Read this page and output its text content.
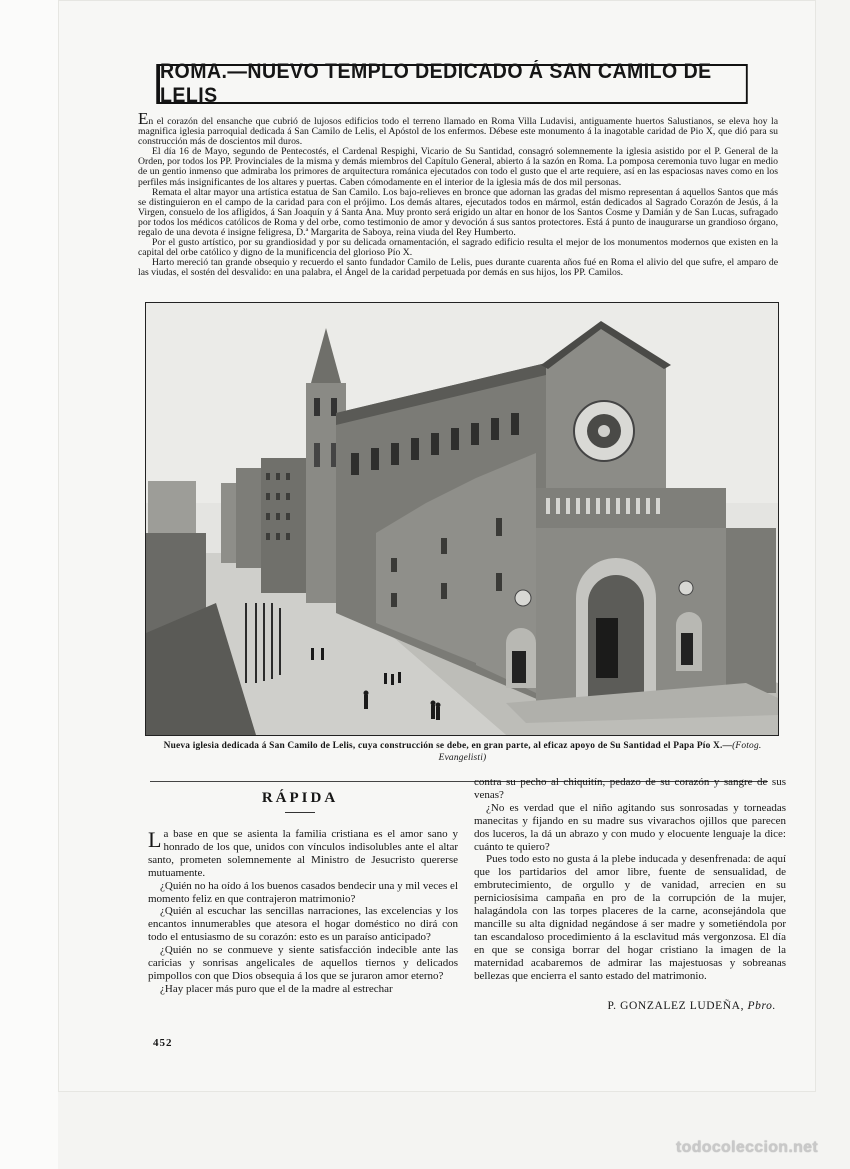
ROMA.—NUEVO TEMPLO DEDICADO Á SAN CAMILO DE LELIS

En el corazón del ensanche que cubrió de lujosos edificios todo el terreno llamado en Roma Villa Ludavisi, antiguamente huertos Salustianos, se eleva hoy la magnifica iglesia parroquial dedicada á San Camilo de Lelis, el Apóstol de los enfermos. Débese este monumento á la inagotable caridad de Pio X, que dió para su construcción más de doscientos mil duros.

El día 16 de Mayo, segundo de Pentecostés, el Cardenal Respighi, Vicario de Su Santidad, consagró solemnemente la iglesia asistido por el P. General de la Orden, por todos los PP. Provinciales de la misma y demás miembros del Capítulo General, abierto á la sazón en Roma. La pomposa ceremonia tuvo lugar en medio de un gentio inmenso que admiraba los primores de arquitectura románica ejecutados con todo el gusto que el arte requiere, así en las espaciosas naves como en los perfiles más insignificantes de los altares y puertas. Caben cómodamente en el interior de la iglesia más de dos mil personas.

Remata el altar mayor una artística estatua de San Camilo. Los bajo-relieves en bronce que adornan las gradas del mismo representan á aquellos Santos que más se distinguieron en el campo de la caridad para con el prójimo. Los demás altares, ejecutados todos en mármol, están dedicados al Sagrado Corazón de Jesús, á la Virgen, consuelo de los afligidos, á San Joaquín y á Santa Ana. Muy pronto será erigido un altar en honor de los Santos Cosme y Damián y de San Lucas, sufragado por todos los médicos católicos de Roma y del orbe, como testimonio de amor y devoción á sus santos protectores. Está á punto de inaugurarse un grandioso órgano, regalo de una devota é insigne feligresa, D.ª Margarita de Saboya, reina viuda del Rey Humberto.

Por el gusto artístico, por su grandiosidad y por su delicada ornamentación, el sagrado edificio resulta el mejor de los monumentos modernos que existen en la capital del orbe católico y digno de la munificencia del glorioso Pío X.

Harto mereció tan grande obsequio y recuerdo el santo fundador Camilo de Lelis, pues durante cuarenta años fué en Roma el alivio del que sufre, el amparo de las viudas, el sostén del desvalido: en una palabra, el Ángel de la caridad perpetuada por demás en sus hijos, los PP. Camilos.

Nueva iglesia dedicada á San Camilo de Lelis, cuya construcción se debe, en gran parte, al eficaz apoyo de Su Santidad el Papa Pío X.—(Fotog. Evangelisti)
RÁPIDA

La base en que se asienta la familia cristiana es el amor sano y honrado de los que, unidos con vínculos indisolubles ante el altar santo, prometen solemnemente al Ministro de Jesucristo quererse mutuamente.

¿Quién no ha oído á los buenos casados bendecir una y mil veces el momento feliz en que contrajeron matrimonio?

¿Quién al escuchar las sencillas narraciones, las excelencias y los encantos innumerables que atesora el hogar doméstico no dirá con todo el entusiasmo de su corazón: esto es un paraíso anticipado?

¿Quién no se conmueve y siente satisfacción indecible ante las caricias y sonrisas angelicales de aquellos tiernos y delicados pimpollos con que Dios obsequia á los que se juraron amor eterno?

¿Hay placer más puro que el de la madre al estrechar

contra su pecho al chiquitín, pedazo de su corazón y sangre de sus venas?

¿No es verdad que el niño agitando sus sonrosadas y torneadas manecitas y fijando en su madre sus vivarachos ojillos que parecen dos luceros, la dá un abrazo y con mudo y elocuente lenguaje la dice: cuánto te quiero?

Pues todo esto no gusta á la plebe inducada y desenfrenada: de aquí que los partidarios del amor libre, fuente de sensualidad, de embrutecimiento, de orgullo y de vanidad, arrecien en su perniciosísima campaña en pro de la corrupción de la mujer, halagándola con las torpes placeres de la carne, aconsejándola que mancille su alta dignidad negándose á ser madre y sometiéndola por tan escandaloso procedimiento á la esclavitud más vergonzosa. El día en que se consiga borrar del hogar cristiano la imagen de la maternidad acabaremos de admirar las majestuosas y sobreanas bellezas que encierra el santo estado del matrimonio.

P. GONZALEZ LUDEÑA, Pbro.
452
todocoleccion.net
